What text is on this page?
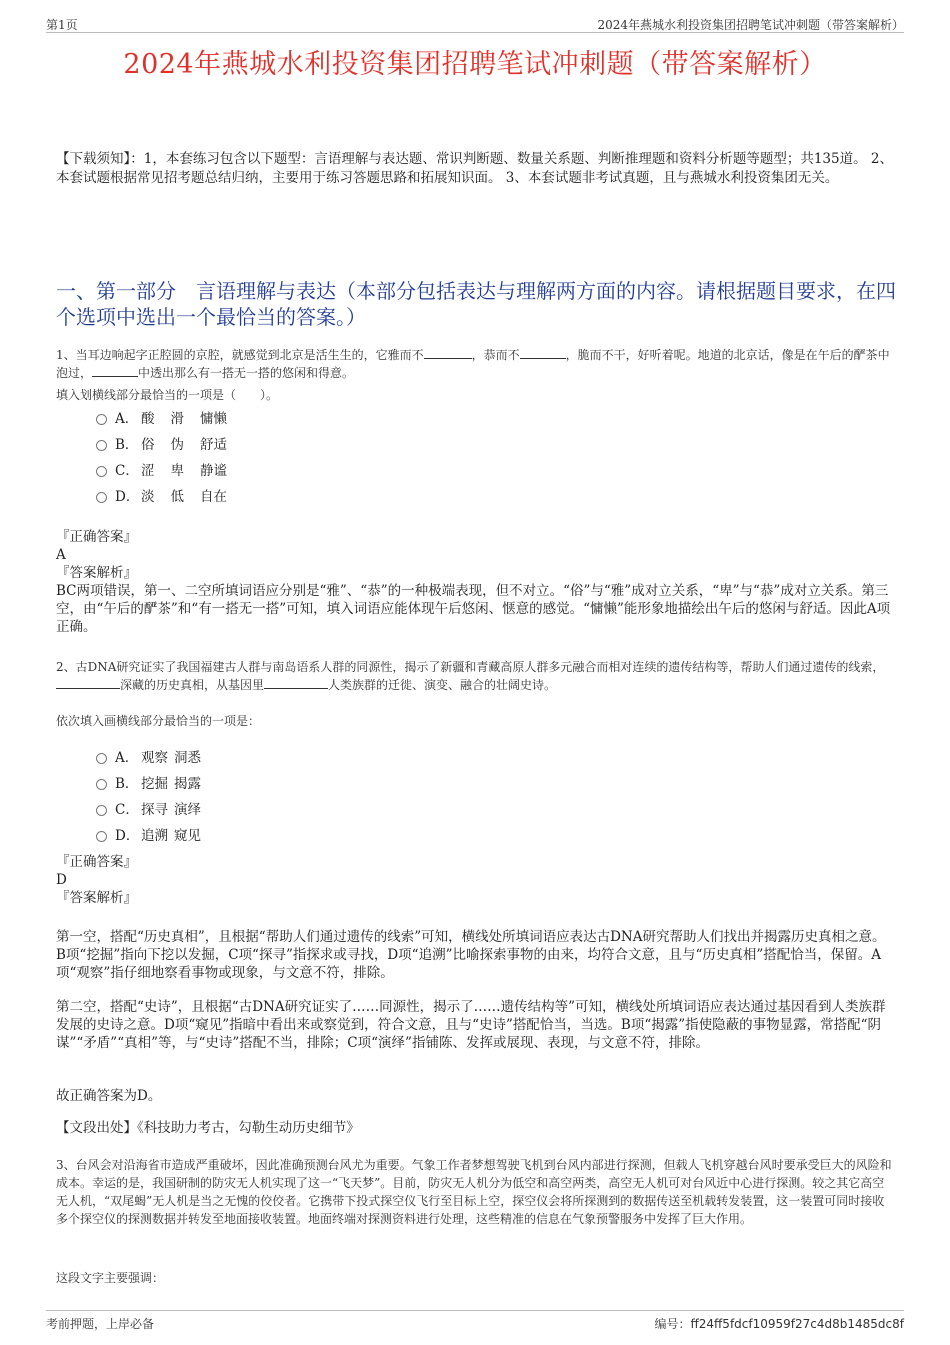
第1页	2024年燕城水利投资集团招聘笔试冲刺题（带答案解析）
2024年燕城水利投资集团招聘笔试冲刺题（带答案解析）
【下载须知】：1，本套练习包含以下题型：言语理解与表达题、常识判断题、数量关系题、判断推理题和资料分析题等题型；共135道。 2、本套试题根据常见招考题总结归纳，主要用于练习答题思路和拓展知识面。 3、本套试题非考试真题，且与燕城水利投资集团无关。
一、第一部分　言语理解与表达（本部分包括表达与理解两方面的内容。请根据题目要求，在四个选项中选出一个最恰当的答案。）
1、当耳边响起字正腔圆的京腔，就感觉到北京是活生生的，它雅而不	，恭而不	，脆而不干，好听着呢。地道的北京话，像是在午后的酽茶中泡过，	中透出那么有一搭无一搭的悠闲和得意。
填入划横线部分最恰当的一项是（　　）。
A． 酸 滑 慵懒
B． 俗 伪 舒适
C． 涩 卑 静谧
D． 淡 低 自在

『正确答案』

A

『答案解析』

BC两项错误，第一、二空所填词语应分别是“雅”、“恭”的一种极端表现，但不对立。“俗”与“雅”成对立关系，“卑”与“恭”成对立关系。第三空，由“午后的酽茶”和“有一搭无一搭”可知，填入词语应能体现午后悠闲、惬意的感觉。“慵懒”能形象地描绘出午后的悠闲与舒适。因此A项正确。

2、古DNA研究证实了我国福建古人群与南岛语系人群的同源性，揭示了新疆和青藏高原人群多元融合而相对连续的遗传结构等，帮助人们通过遗传的线索，深藏的历史真相，从基因里	人类族群的迁徙、演变、融合的壮阔史诗。
依次填入画横线部分最恰当的一项是：
A． 观察 洞悉
B． 挖掘 揭露
C． 探寻 演绎
D． 追溯 窥见

『正确答案』

D

『答案解析』

第一空，搭配“历史真相”，且根据“帮助人们通过遗传的线索”可知，横线处所填词语应表达古DNA研究帮助人们找出并揭露历史真相之意。B项“挖掘”指向下挖以发掘，C项“探寻”指探求或寻找，D项“追溯”比喻探索事物的由来，均符合文意，且与“历史真相”搭配恰当，保留。A项“观察”指仔细地察看事物或现象，与文意不符，排除。
第二空，搭配“史诗”，且根据“古DNA研究证实了……同源性，揭示了……遗传结构等”可知，横线处所填词语应表达通过基因看到人类族群发展的史诗之意。D项“窥见”指暗中看出来或察觉到，符合文意，且与“史诗”搭配恰当，当选。B项“揭露”指使隐蔽的事物显露，常搭配“阴谋”“矛盾”“真相”等，与“史诗”搭配不当，排除；C项“演绎”指铺陈、发挥或展现、表现，与文意不符，排除。
故正确答案为D。
【文段出处】《科技助力考古，勾勒生动历史细节》
3、台风会对沿海省市造成严重破坏，因此准确预测台风尤为重要。气象工作者梦想驾驶飞机到台风内部进行探测，但载人飞机穿越台风时要承受巨大的风险和成本。幸运的是，我国研制的防灾无人机实现了这一“飞天梦”。目前，防灾无人机分为低空和高空两类，高空无人机可对台风近中心进行探测。较之其它高空无人机，“双尾蝎”无人机是当之无愧的佼佼者。它携带下投式探空仪飞行至目标上空，探空仪会将所探测到的数据传送至机载转发装置，这一装置可同时接收多个探空仪的探测数据并转发至地面接收装置。地面终端对探测资料进行处理，这些精准的信息在气象预警服务中发挥了巨大作用。
这段文字主要强调：
考前押题，上岸必备	编号：ff24ff5fdcf10959f27c4d8b1485dc8f
